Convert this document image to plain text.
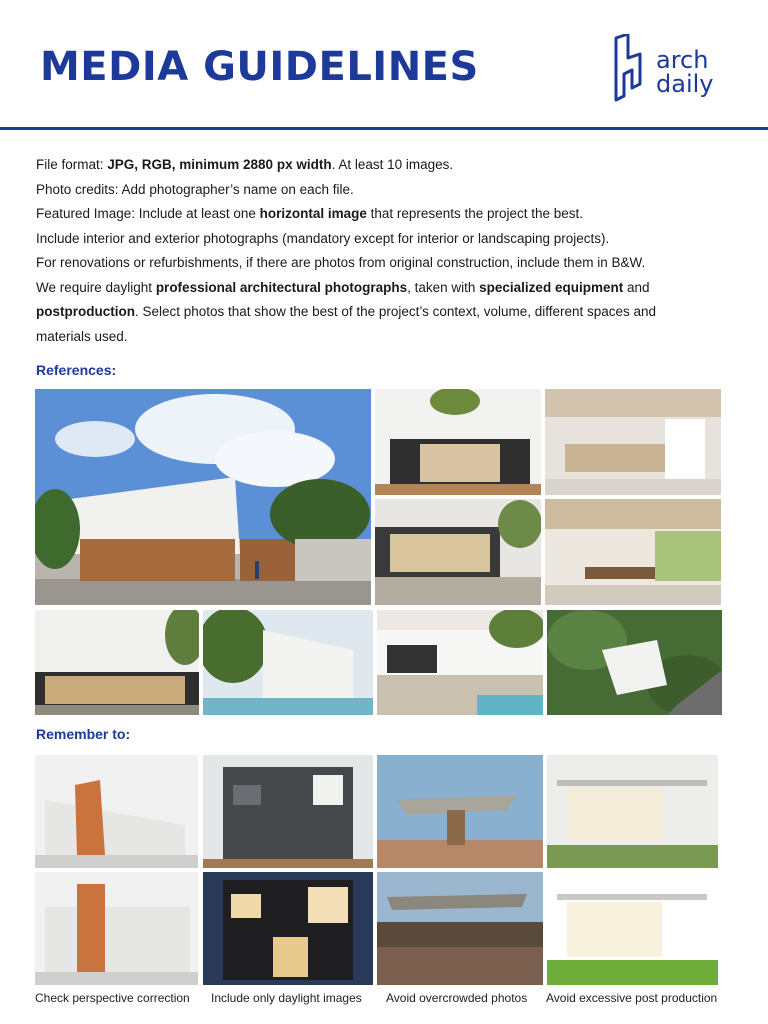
MEDIA GUIDELINES	arch
daily

File format: JPG, RGB, minimum 2880 px width. At least 10 images.

Photo credits: Add photographer’s name on each file.

Featured Image: Include at least one horizontal image that represents the project the best.

Include interior and exterior photographs (mandatory except for interior or landscaping projects).

For renovations or refurbishments, if there are photos from original construction, include them in B&W.

We require daylight professional architectural photographs, taken with specialized equipment and

postproduction. Select photos that show the best of the project’s context, volume, different spaces and

materials used.

References:
Remember to:
Check perspective correction Include only daylight images Avoid overcrowded photos Avoid excessive post production
